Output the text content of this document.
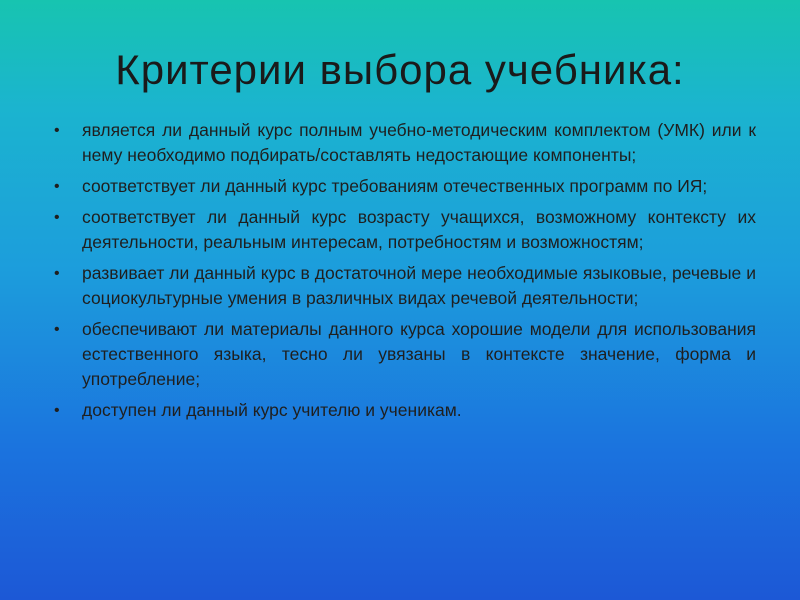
Критерии выбора учебника:
• является ли данный курс полным учебно-методическим комплектом (УМК) или к нему необходимо подбирать/составлять недостающие компоненты;
• соответствует ли данный курс требованиям отечественных программ по ИЯ;
• соответствует ли данный курс возрасту учащихся, возможному контексту их деятельности, реальным интересам, потребностям и возможностям;
• развивает ли данный курс в достаточной мере необходимые языковые, речевые и социокультурные умения в различных видах речевой деятельности;
• обеспечивают ли материалы данного курса хорошие модели для использования естественного языка, тесно ли увязаны в контексте значение, форма и употребление;
• доступен ли данный курс учителю и ученикам.
